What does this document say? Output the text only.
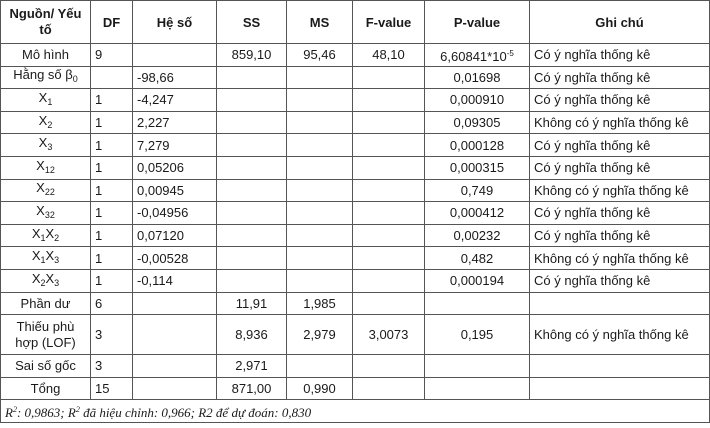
Nguồn/ Yếu tố	DF	Hệ số	SS	MS	F-value	P-value	Ghi chú
Mô hình	9		859,10	95,46	48,10	$6,60841*10^{-5}$	Có ý nghĩa thống kê
Hằng số $\beta_0$		-98,66				0,01698	Có ý nghĩa thống kê
$X_1$	1	-4,247				0,000910	Có ý nghĩa thống kê
$X_2$	1	2,227				0,09305	Không có ý nghĩa thống kê
$X_3$	1	7,279				0,000128	Có ý nghĩa thống kê
$X_{12}$	1	0,05206				0,000315	Có ý nghĩa thống kê
$X_{22}$	1	0,00945				0,749	Không có ý nghĩa thống kê
$X_{32}$	1	-0,04956				0,000412	Có ý nghĩa thống kê
$X_1X_2$	1	0,07120				0,00232	Có ý nghĩa thống kê
$X_1X_3$	1	-0,00528				0,482	Không có ý nghĩa thống kê
$X_2X_3$	1	-0,114				0,000194	Có ý nghĩa thống kê
Phần dư	6		11,91	1,985			
Thiếu phù hợp (LOF)	3		8,936	2,979	3,0073	0,195	Không có ý nghĩa thống kê
Sai số gốc	3		2,971				
Tổng	15		871,00	0,990			
$R^2$: 0,9863; $R^2$ đã hiệu chỉnh: 0,966; R2 để dự đoán: 0,830							
